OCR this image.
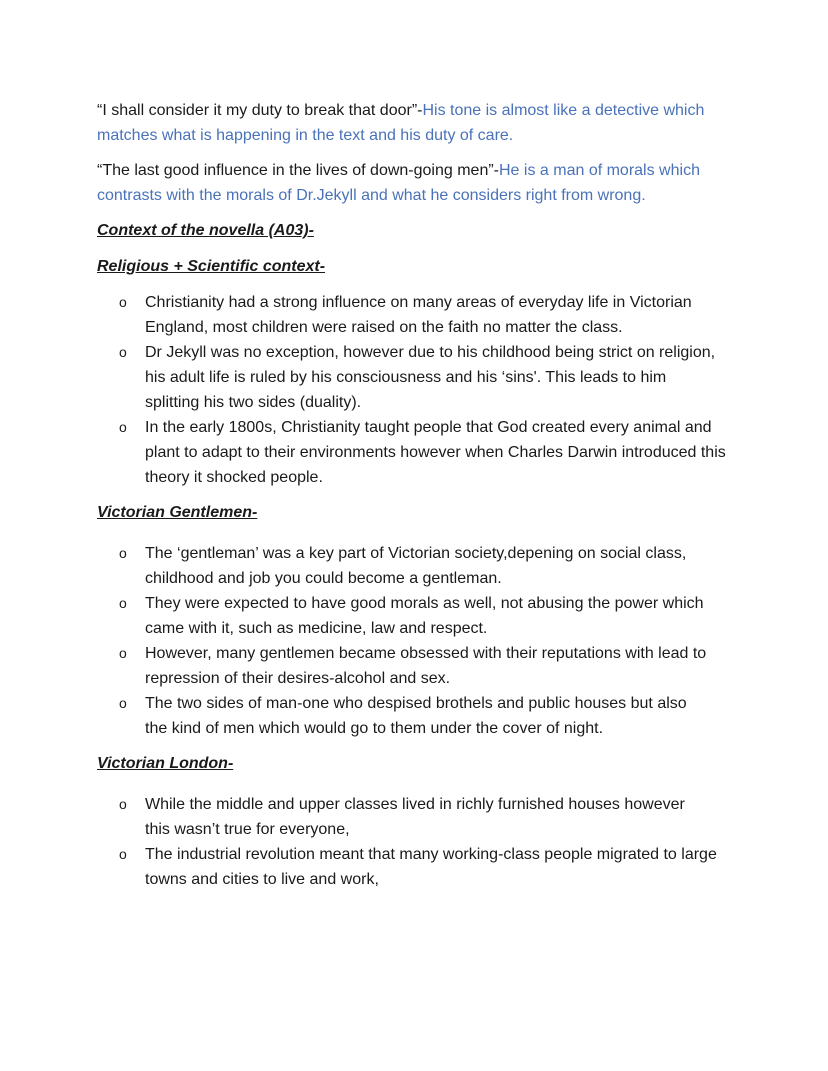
“I shall consider it my duty to break that door”-His tone is almost like a detective which matches what is happening in the text and his duty of care.

“The last good influence in the lives of down-going men”-He is a man of morals which contrasts with the morals of Dr.Jekyll and what he considers right from wrong.

Context of the novella (A03)-
Religious + Scientific context-
o Christianity had a strong influence on many areas of everyday life in Victorian England, most children were raised on the faith no matter the class.
o Dr Jekyll was no exception, however due to his childhood being strict on religion, his adult life is ruled by his consciousness and his ‘sins'. This leads to him splitting his two sides (duality).
o In the early 1800s, Christianity taught people that God created every animal and plant to adapt to their environments however when Charles Darwin introduced this theory it shocked people.
Victorian Gentlemen-
o The ‘gentleman’ was a key part of Victorian society,depening on social class, childhood and job you could become a gentleman.
o They were expected to have good morals as well, not abusing the power which came with it, such as medicine, law and respect.
o However, many gentlemen became obsessed with their reputations with lead to repression of their desires-alcohol and sex.
o The two sides of man-one who despised brothels and public houses but also the kind of men which would go to them under the cover of night.
Victorian London-
o While the middle and upper classes lived in richly furnished houses however this wasn’t true for everyone,
o The industrial revolution meant that many working-class people migrated to large towns and cities to live and work,
